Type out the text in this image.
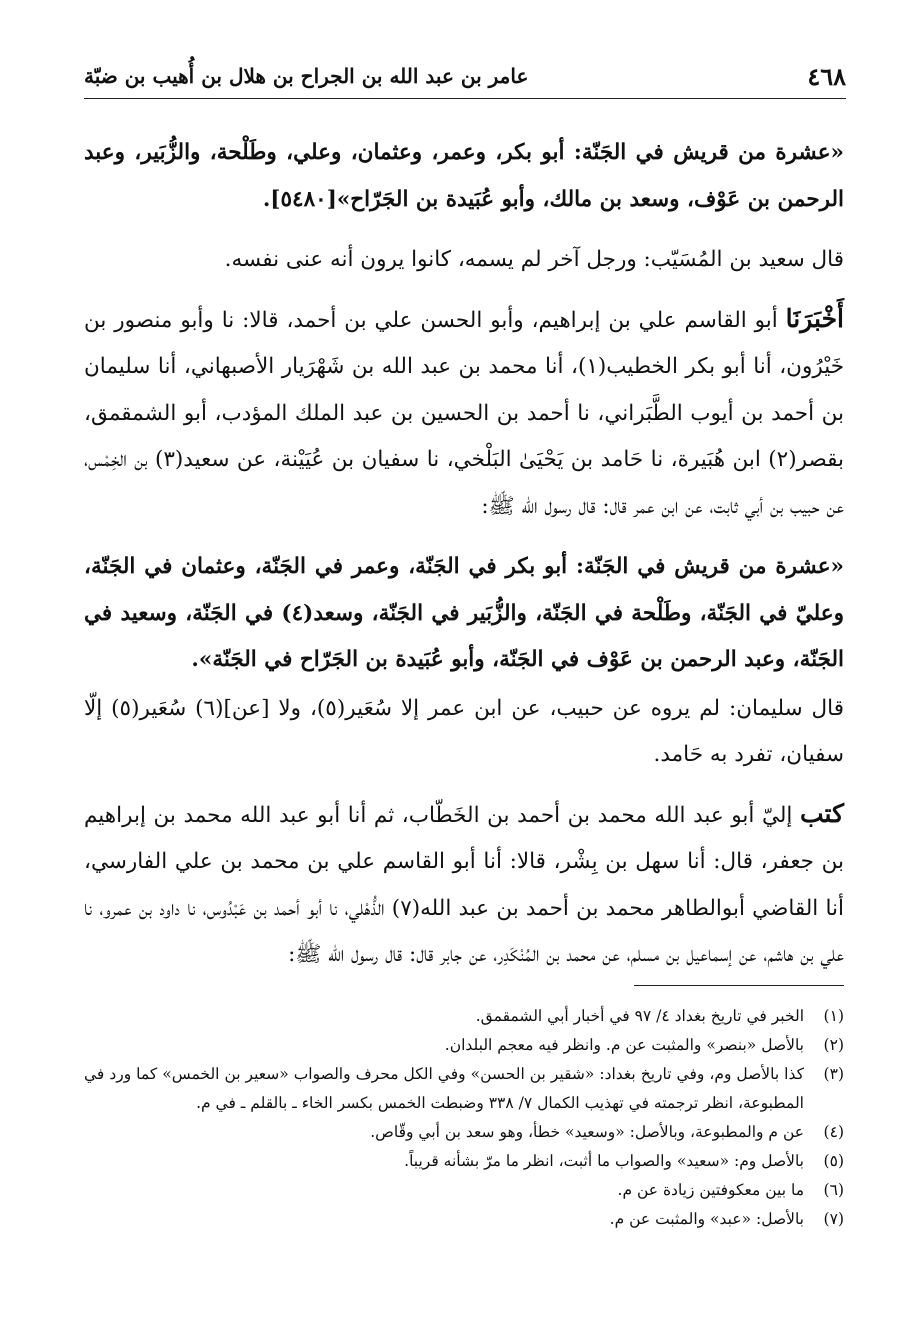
٤٦٨
عامر بن عبد الله بن الجراح بن هلال بن أُهيب بن ضبّة

«عشرة من قريش في الجَنّة: أبو بكر، وعمر، وعثمان، وعلي، وطَلْحة، والزُّبَير، وعبد الرحمن بن عَوْف، وسعد بن مالك، وأبو عُبَيدة بن الجَرّاح»[٥٤٨٠].

قال سعيد بن المُسَيّب: ورجل آخر لم يسمه، كانوا يرون أنه عنى نفسه.

أَخْبَرَنَا أبو القاسم علي بن إبراهيم، وأبو الحسن علي بن أحمد، قالا: نا وأبو منصور بن خَيْرُون، أنا أبو بكر الخطيب(١)، أنا محمد بن عبد الله بن شَهْرَيار الأصبهاني، أنا سليمان بن أحمد بن أيوب الطَّبَراني، نا أحمد بن الحسين بن عبد الملك المؤدب، أبو الشمقمق، بقصر(٢) ابن هُبَيرة، نا حَامد بن يَحْيَىٰ البَلْخي، نا سفيان بن عُيَيْنة، عن سعيد(٣) بن الخِمْس، عن حبيب بن أبي ثابت، عن ابن عمر قال: قال رسول الله ﷺ:

«عشرة من قريش في الجَنّة: أبو بكر في الجَنّة، وعمر في الجَنّة، وعثمان في الجَنّة، وعليّ في الجَنّة، وطَلْحة في الجَنّة، والزُّبَير في الجَنّة، وسعد(٤) في الجَنّة، وسعيد في الجَنّة، وعبد الرحمن بن عَوْف في الجَنّة، وأبو عُبَيدة بن الجَرّاح في الجَنّة».

قال سليمان: لم يروه عن حبيب، عن ابن عمر إلا سُعَير(٥)، ولا [عن](٦) سُعَير(٥) إلّا سفيان، تفرد به حَامد.

كتب إليّ أبو عبد الله محمد بن أحمد بن الخَطّاب، ثم أنا أبو عبد الله محمد بن إبراهيم بن جعفر، قال: أنا سهل بن بِشْر، قالا: أنا أبو القاسم علي بن محمد بن علي الفارسي، أنا القاضي أبوالطاهر محمد بن أحمد بن عبد الله(٧) الذُّهْلي، نا أبو أحمد بن عَبْدُوس، نا داود بن عمرو، نا علي بن هاشم، عن إسماعيل بن مسلم، عن محمد بن المُنْكَدِر، عن جابر قال: قال رسول الله ﷺ:

(١)
الخبر في تاريخ بغداد ٤/ ٩٧ في أخبار أبي الشمقمق.
(٢)
بالأصل «بنصر» والمثبت عن م. وانظر فيه معجم البلدان.
(٣)
كذا بالأصل وم، وفي تاريخ بغداد: «شقير بن الحسن» وفي الكل محرف والصواب «سعير بن الخمس» كما ورد في المطبوعة، انظر ترجمته في تهذيب الكمال ٧/ ٣٣٨ وضبطت الخمس بكسر الخاء ـ بالقلم ـ في م.
(٤)
عن م والمطبوعة، وبالأصل: «وسعيد» خطأ، وهو سعد بن أبي وقّاص.
(٥)
بالأصل وم: «سعيد» والصواب ما أثبت، انظر ما مرّ بشأنه قريباً.
(٦)
ما بين معكوفتين زيادة عن م.
(٧)
بالأصل: «عبد» والمثبت عن م.
